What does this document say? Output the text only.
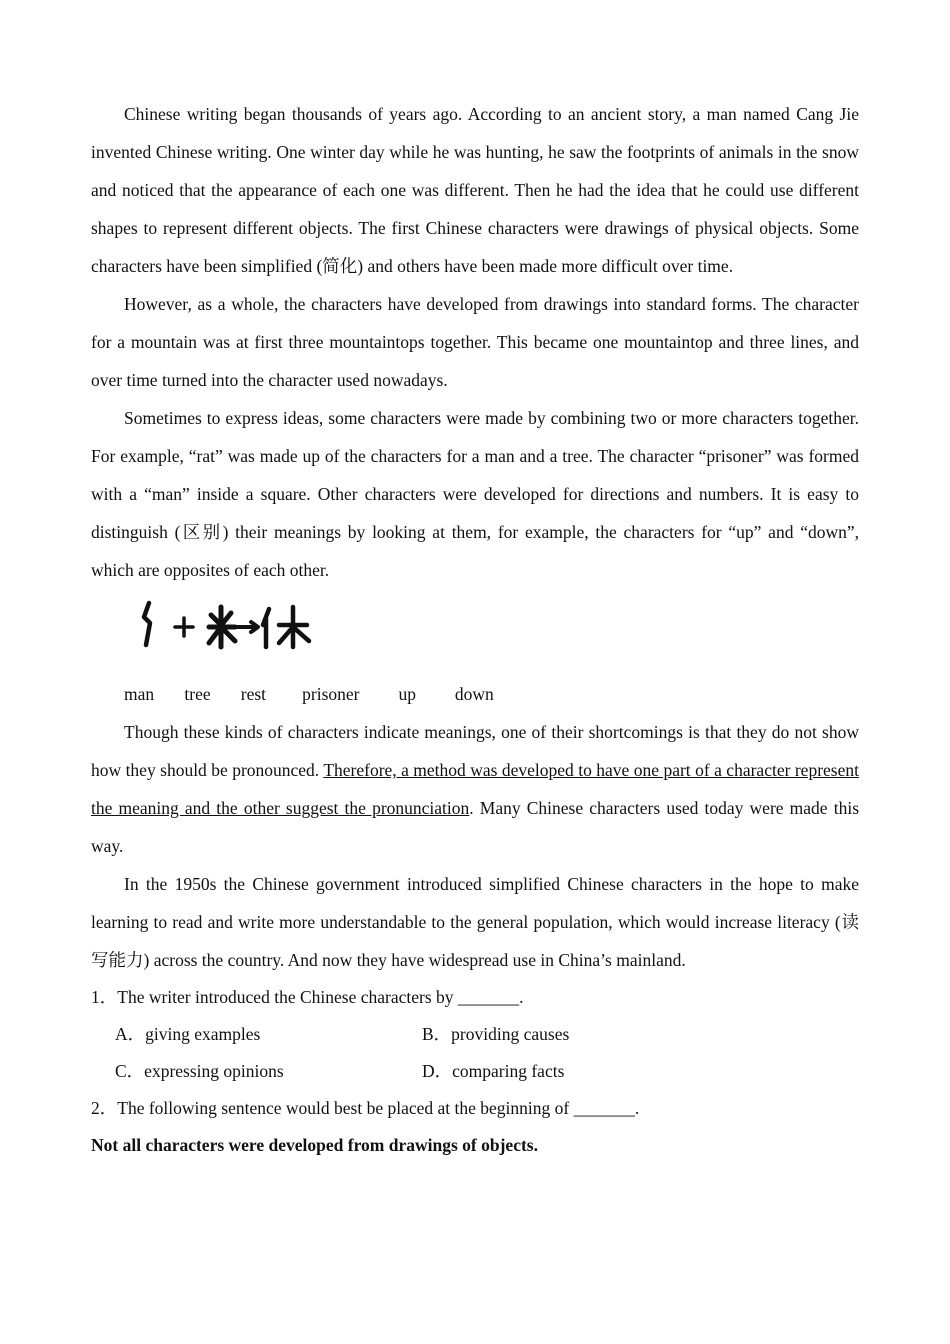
Chinese writing began thousands of years ago. According to an ancient story, a man named Cang Jie invented Chinese writing. One winter day while he was hunting, he saw the footprints of animals in the snow and noticed that the appearance of each one was different. Then he had the idea that he could use different shapes to represent different objects. The first Chinese characters were drawings of physical objects. Some characters have been simplified (简化) and others have been made more difficult over time.

However, as a whole, the characters have developed from drawings into standard forms. The character for a mountain was at first three mountaintops together. This became one mountaintop and three lines, and over time turned into the character used nowadays.

Sometimes to express ideas, some characters were made by combining two or more characters together. For example, “rat” was made up of the characters for a man and a tree. The character “prisoner” was formed with a “man” inside a square. Other characters were developed for directions and numbers. It is easy to distinguish (区别) their meanings by looking at them, for example, the characters for “up” and “down”, which are opposites of each other.

man tree rest prisoner up down

Though these kinds of characters indicate meanings, one of their shortcomings is that they do not show how they should be pronounced. Therefore, a method was developed to have one part of a character represent the meaning and the other suggest the pronunciation. Many Chinese characters used today were made this way.

In the 1950s the Chinese government introduced simplified Chinese characters in the hope to make learning to read and write more understandable to the general population, which would increase literacy (读写能力) across the country. And now they have widespread use in China’s mainland.

1．The writer introduced the Chinese characters by _______.

A．giving examples	B．providing causes
C．expressing opinions	D．comparing facts

2．The following sentence would best be placed at the beginning of _______.

Not all characters were developed from drawings of objects.
